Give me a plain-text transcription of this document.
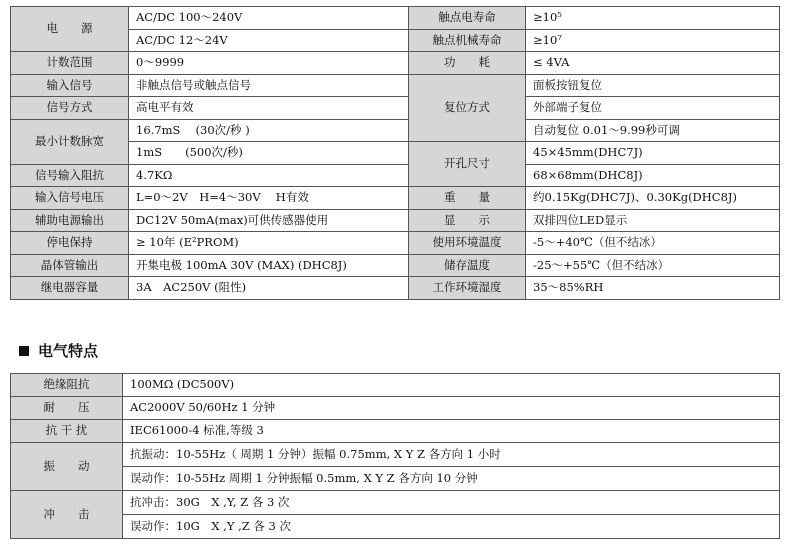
电　　源	AC/DC 100～240V	触点电寿命	≥10⁵
	AC/DC 12～24V	触点机械寿命	≥10⁷
计数范围	0～9999	功　　耗	≤ 4VA
输入信号	非触点信号或触点信号	复位方式	面板按钮复位
信号方式	高电平有效		外部端子复位
最小计数脉宽	16.7mS　 (30次/秒 )		自动复位 0.01～9.99秒可调
	1mS　　(500次/秒)	开孔尺寸	45×45mm(DHC7J)
信号输入阻抗	4.7KΩ		68×68mm(DHC8J)
输入信号电压	L=0～2V　H=4～30V　 H有效	重　　量	约0.15Kg(DHC7J)、0.30Kg(DHC8J)
辅助电源输出	DC12V 50mA(max)可供传感器使用	显　　示	双排四位LED显示
停电保持	≥ 10年 (E²PROM)	使用环境温度	-5～+40℃（但不结冰）
晶体管输出	开集电极 100mA 30V (MAX) (DHC8J)	储存温度	-25～+55℃（但不结冰）
继电器容量	3A　AC250V (阻性)	工作环境湿度	35～85%RH
电气特点
绝缘阻抗	100MΩ (DC500V)
耐　　压	AC2000V 50/60Hz 1 分钟
抗 干 扰	IEC61000-4 标准,等级 3
振　　动	抗振动：10-55Hz（ 周期 1 分钟）振幅 0.75mm, X Y Z 各方向 1 小时
	误动作：10-55Hz 周期 1 分钟振幅 0.5mm, X Y Z 各方向 10 分钟
冲　　击	抗冲击：30G　X ,Y, Z 各 3 次
	误动作：10G　X ,Y ,Z 各 3 次
